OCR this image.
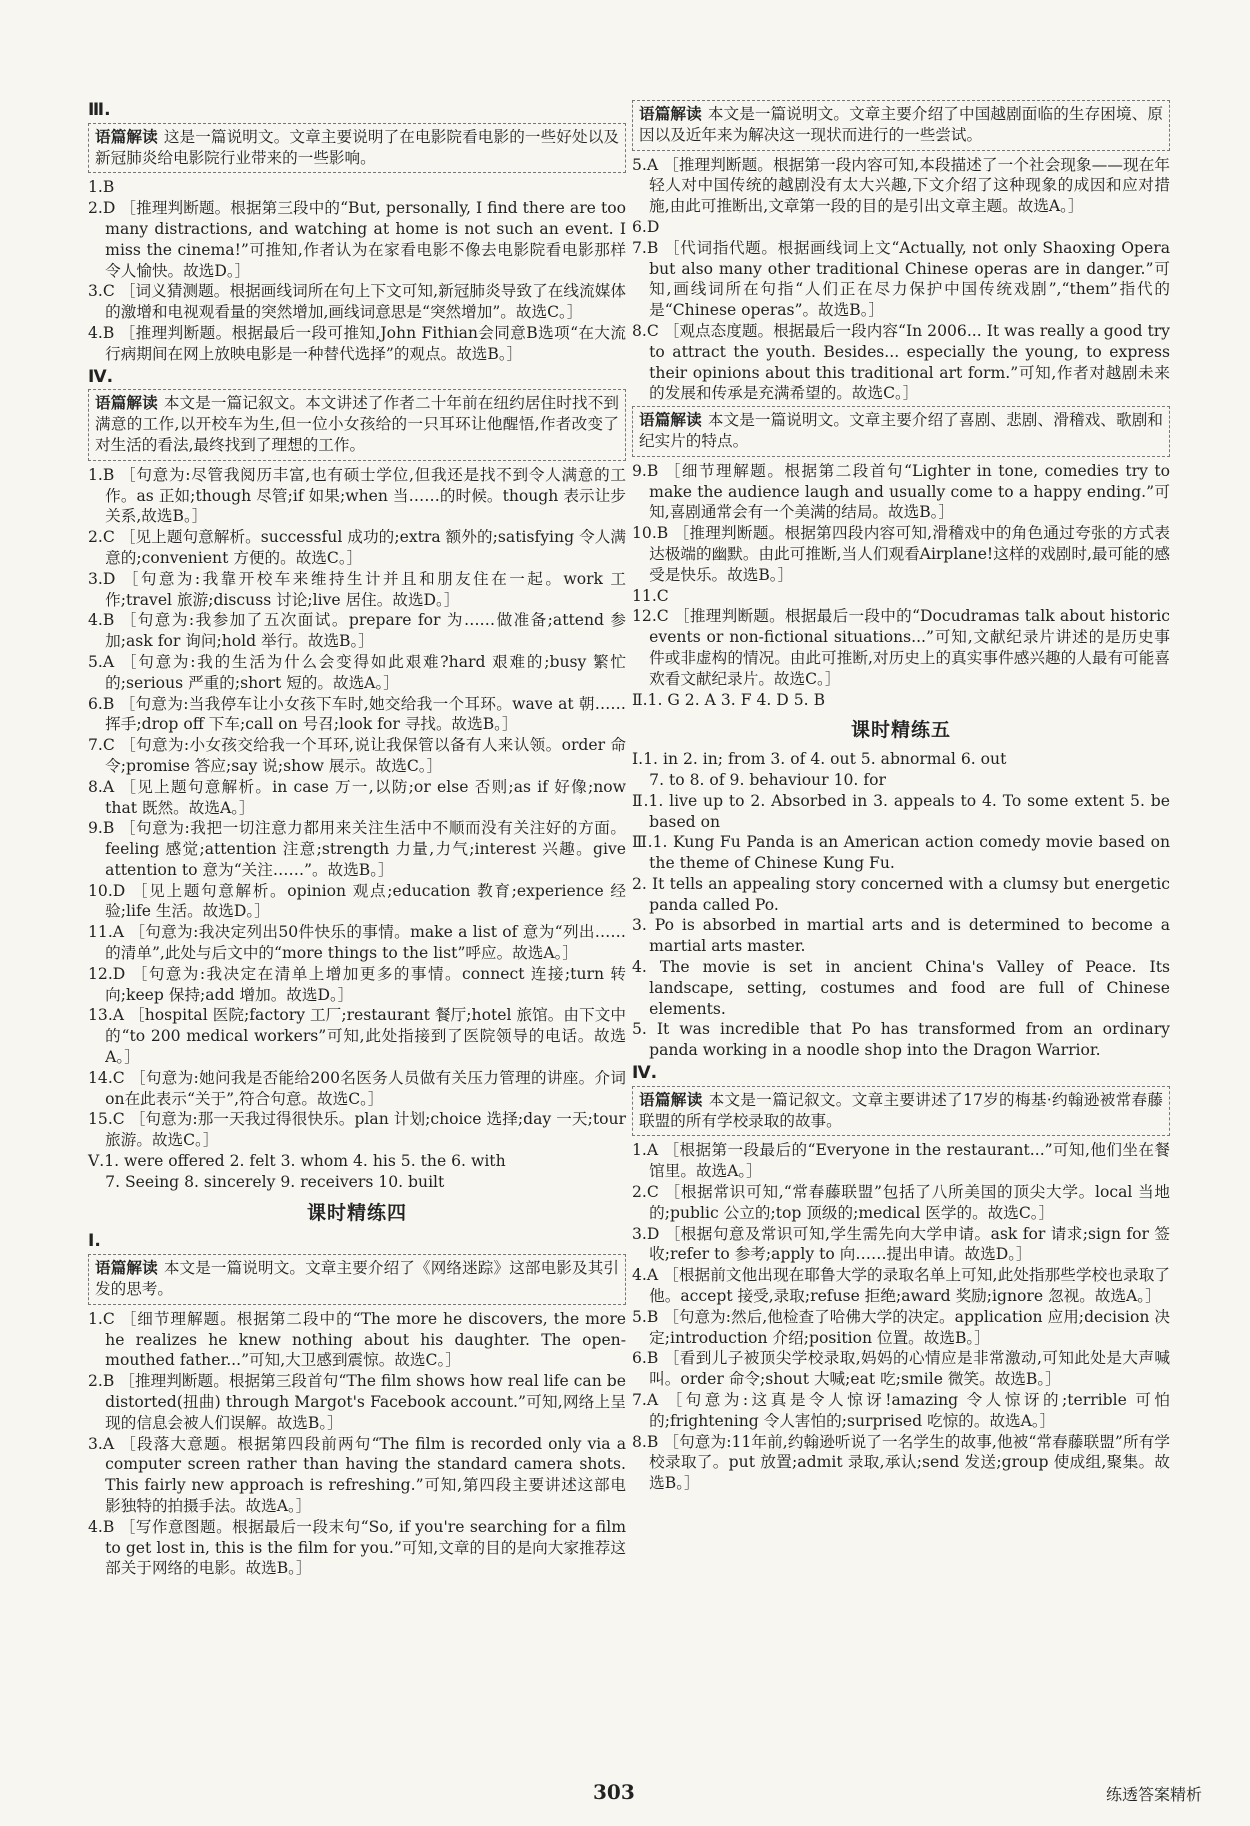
Ⅲ.
语篇解读 这是一篇说明文。文章主要说明了在电影院看电影的一些好处以及新冠肺炎给电影院行业带来的一些影响。

1.B

2.D ［推理判断题。根据第三段中的“But, personally, I find there are too many distractions, and watching at home is not such an event. I miss the cinema!”可推知,作者认为在家看电影不像去电影院看电影那样令人愉快。故选D。］

3.C ［词义猜测题。根据画线词所在句上下文可知,新冠肺炎导致了在线流媒体的激增和电视观看量的突然增加,画线词意思是“突然增加”。故选C。］

4.B ［推理判断题。根据最后一段可推知,John Fithian会同意B选项“在大流行病期间在网上放映电影是一种替代选择”的观点。故选B。］

Ⅳ.
语篇解读 本文是一篇记叙文。本文讲述了作者二十年前在纽约居住时找不到满意的工作,以开校车为生,但一位小女孩给的一只耳环让他醒悟,作者改变了对生活的看法,最终找到了理想的工作。

1.B ［句意为:尽管我阅历丰富,也有硕士学位,但我还是找不到令人满意的工作。as 正如;though 尽管;if 如果;when 当……的时候。though 表示让步关系,故选B。］

2.C ［见上题句意解析。successful 成功的;extra 额外的;satisfying 令人满意的;convenient 方便的。故选C。］

3.D ［句意为:我靠开校车来维持生计并且和朋友住在一起。work 工作;travel 旅游;discuss 讨论;live 居住。故选D。］

4.B ［句意为:我参加了五次面试。prepare for 为……做准备;attend 参加;ask for 询问;hold 举行。故选B。］

5.A ［句意为:我的生活为什么会变得如此艰难?hard 艰难的;busy 繁忙的;serious 严重的;short 短的。故选A。］

6.B ［句意为:当我停车让小女孩下车时,她交给我一个耳环。wave at 朝……挥手;drop off 下车;call on 号召;look for 寻找。故选B。］

7.C ［句意为:小女孩交给我一个耳环,说让我保管以备有人来认领。order 命令;promise 答应;say 说;show 展示。故选C。］

8.A ［见上题句意解析。in case 万一,以防;or else 否则;as if 好像;now that 既然。故选A。］

9.B ［句意为:我把一切注意力都用来关注生活中不顺而没有关注好的方面。feeling 感觉;attention 注意;strength 力量,力气;interest 兴趣。give attention to 意为“关注……”。故选B。］

10.D ［见上题句意解析。opinion 观点;education 教育;experience 经验;life 生活。故选D。］

11.A ［句意为:我决定列出50件快乐的事情。make a list of 意为“列出……的清单”,此处与后文中的“more things to the list”呼应。故选A。］

12.D ［句意为:我决定在清单上增加更多的事情。connect 连接;turn 转向;keep 保持;add 增加。故选D。］

13.A ［hospital 医院;factory 工厂;restaurant 餐厅;hotel 旅馆。由下文中的“to 200 medical workers”可知,此处指接到了医院领导的电话。故选A。］

14.C ［句意为:她问我是否能给200名医务人员做有关压力管理的讲座。介词on在此表示“关于”,符合句意。故选C。］

15.C ［句意为:那一天我过得很快乐。plan 计划;choice 选择;day 一天;tour 旅游。故选C。］

Ⅴ.1. were offered 2. felt 3. whom 4. his 5. the 6. with

7. Seeing 8. sincerely 9. receivers 10. built

课时精练四
Ⅰ.
语篇解读 本文是一篇说明文。文章主要介绍了《网络迷踪》这部电影及其引发的思考。

1.C ［细节理解题。根据第二段中的“The more he discovers, the more he realizes he knew nothing about his daughter. The open-mouthed father...”可知,大卫感到震惊。故选C。］

2.B ［推理判断题。根据第三段首句“The film shows how real life can be distorted(扭曲) through Margot's Facebook account.”可知,网络上呈现的信息会被人们误解。故选B。］

3.A ［段落大意题。根据第四段前两句“The film is recorded only via a computer screen rather than having the standard camera shots. This fairly new approach is refreshing.”可知,第四段主要讲述这部电影独特的拍摄手法。故选A。］

4.B ［写作意图题。根据最后一段末句“So, if you're searching for a film to get lost in, this is the film for you.”可知,文章的目的是向大家推荐这部关于网络的电影。故选B。］

语篇解读 本文是一篇说明文。文章主要介绍了中国越剧面临的生存困境、原因以及近年来为解决这一现状而进行的一些尝试。

5.A ［推理判断题。根据第一段内容可知,本段描述了一个社会现象——现在年轻人对中国传统的越剧没有太大兴趣,下文介绍了这种现象的成因和应对措施,由此可推断出,文章第一段的目的是引出文章主题。故选A。］

6.D

7.B ［代词指代题。根据画线词上文“Actually, not only Shaoxing Opera but also many other traditional Chinese operas are in danger.”可知,画线词所在句指“人们正在尽力保护中国传统戏剧”,“them”指代的是“Chinese operas”。故选B。］

8.C ［观点态度题。根据最后一段内容“In 2006... It was really a good try to attract the youth. Besides... especially the young, to express their opinions about this traditional art form.”可知,作者对越剧未来的发展和传承是充满希望的。故选C。］

语篇解读 本文是一篇说明文。文章主要介绍了喜剧、悲剧、滑稽戏、歌剧和纪实片的特点。

9.B ［细节理解题。根据第二段首句“Lighter in tone, comedies try to make the audience laugh and usually come to a happy ending.”可知,喜剧通常会有一个美满的结局。故选B。］

10.B ［推理判断题。根据第四段内容可知,滑稽戏中的角色通过夸张的方式表达极端的幽默。由此可推断,当人们观看Airplane!这样的戏剧时,最可能的感受是快乐。故选B。］

11.C

12.C ［推理判断题。根据最后一段中的“Docudramas talk about historic events or non-fictional situations...”可知,文献纪录片讲述的是历史事件或非虚构的情况。由此可推断,对历史上的真实事件感兴趣的人最有可能喜欢看文献纪录片。故选C。］

Ⅱ.1. G 2. A 3. F 4. D 5. B

课时精练五

Ⅰ.1. in 2. in; from 3. of 4. out 5. abnormal 6. out

7. to 8. of 9. behaviour 10. for

Ⅱ.1. live up to 2. Absorbed in 3. appeals to 4. To some extent 5. be based on

Ⅲ.1. Kung Fu Panda is an American action comedy movie based on the theme of Chinese Kung Fu.

2. It tells an appealing story concerned with a clumsy but energetic panda called Po.

3. Po is absorbed in martial arts and is determined to become a martial arts master.

4. The movie is set in ancient China's Valley of Peace. Its landscape, setting, costumes and food are full of Chinese elements.

5. It was incredible that Po has transformed from an ordinary panda working in a noodle shop into the Dragon Warrior.

Ⅳ.
语篇解读 本文是一篇记叙文。文章主要讲述了17岁的梅基·约翰逊被常春藤联盟的所有学校录取的故事。

1.A ［根据第一段最后的“Everyone in the restaurant...”可知,他们坐在餐馆里。故选A。］

2.C ［根据常识可知,“常春藤联盟”包括了八所美国的顶尖大学。local 当地的;public 公立的;top 顶级的;medical 医学的。故选C。］

3.D ［根据句意及常识可知,学生需先向大学申请。ask for 请求;sign for 签收;refer to 参考;apply to 向……提出申请。故选D。］

4.A ［根据前文他出现在耶鲁大学的录取名单上可知,此处指那些学校也录取了他。accept 接受,录取;refuse 拒绝;award 奖励;ignore 忽视。故选A。］

5.B ［句意为:然后,他检查了哈佛大学的决定。application 应用;decision 决定;introduction 介绍;position 位置。故选B。］

6.B ［看到儿子被顶尖学校录取,妈妈的心情应是非常激动,可知此处是大声喊叫。order 命令;shout 大喊;eat 吃;smile 微笑。故选B。］

7.A ［句意为:这真是令人惊讶!amazing 令人惊讶的;terrible 可怕的;frightening 令人害怕的;surprised 吃惊的。故选A。］

8.B ［句意为:11年前,约翰逊听说了一名学生的故事,他被“常春藤联盟”所有学校录取了。put 放置;admit 录取,承认;send 发送;group 使成组,聚集。故选B。］

303	练透答案精析
